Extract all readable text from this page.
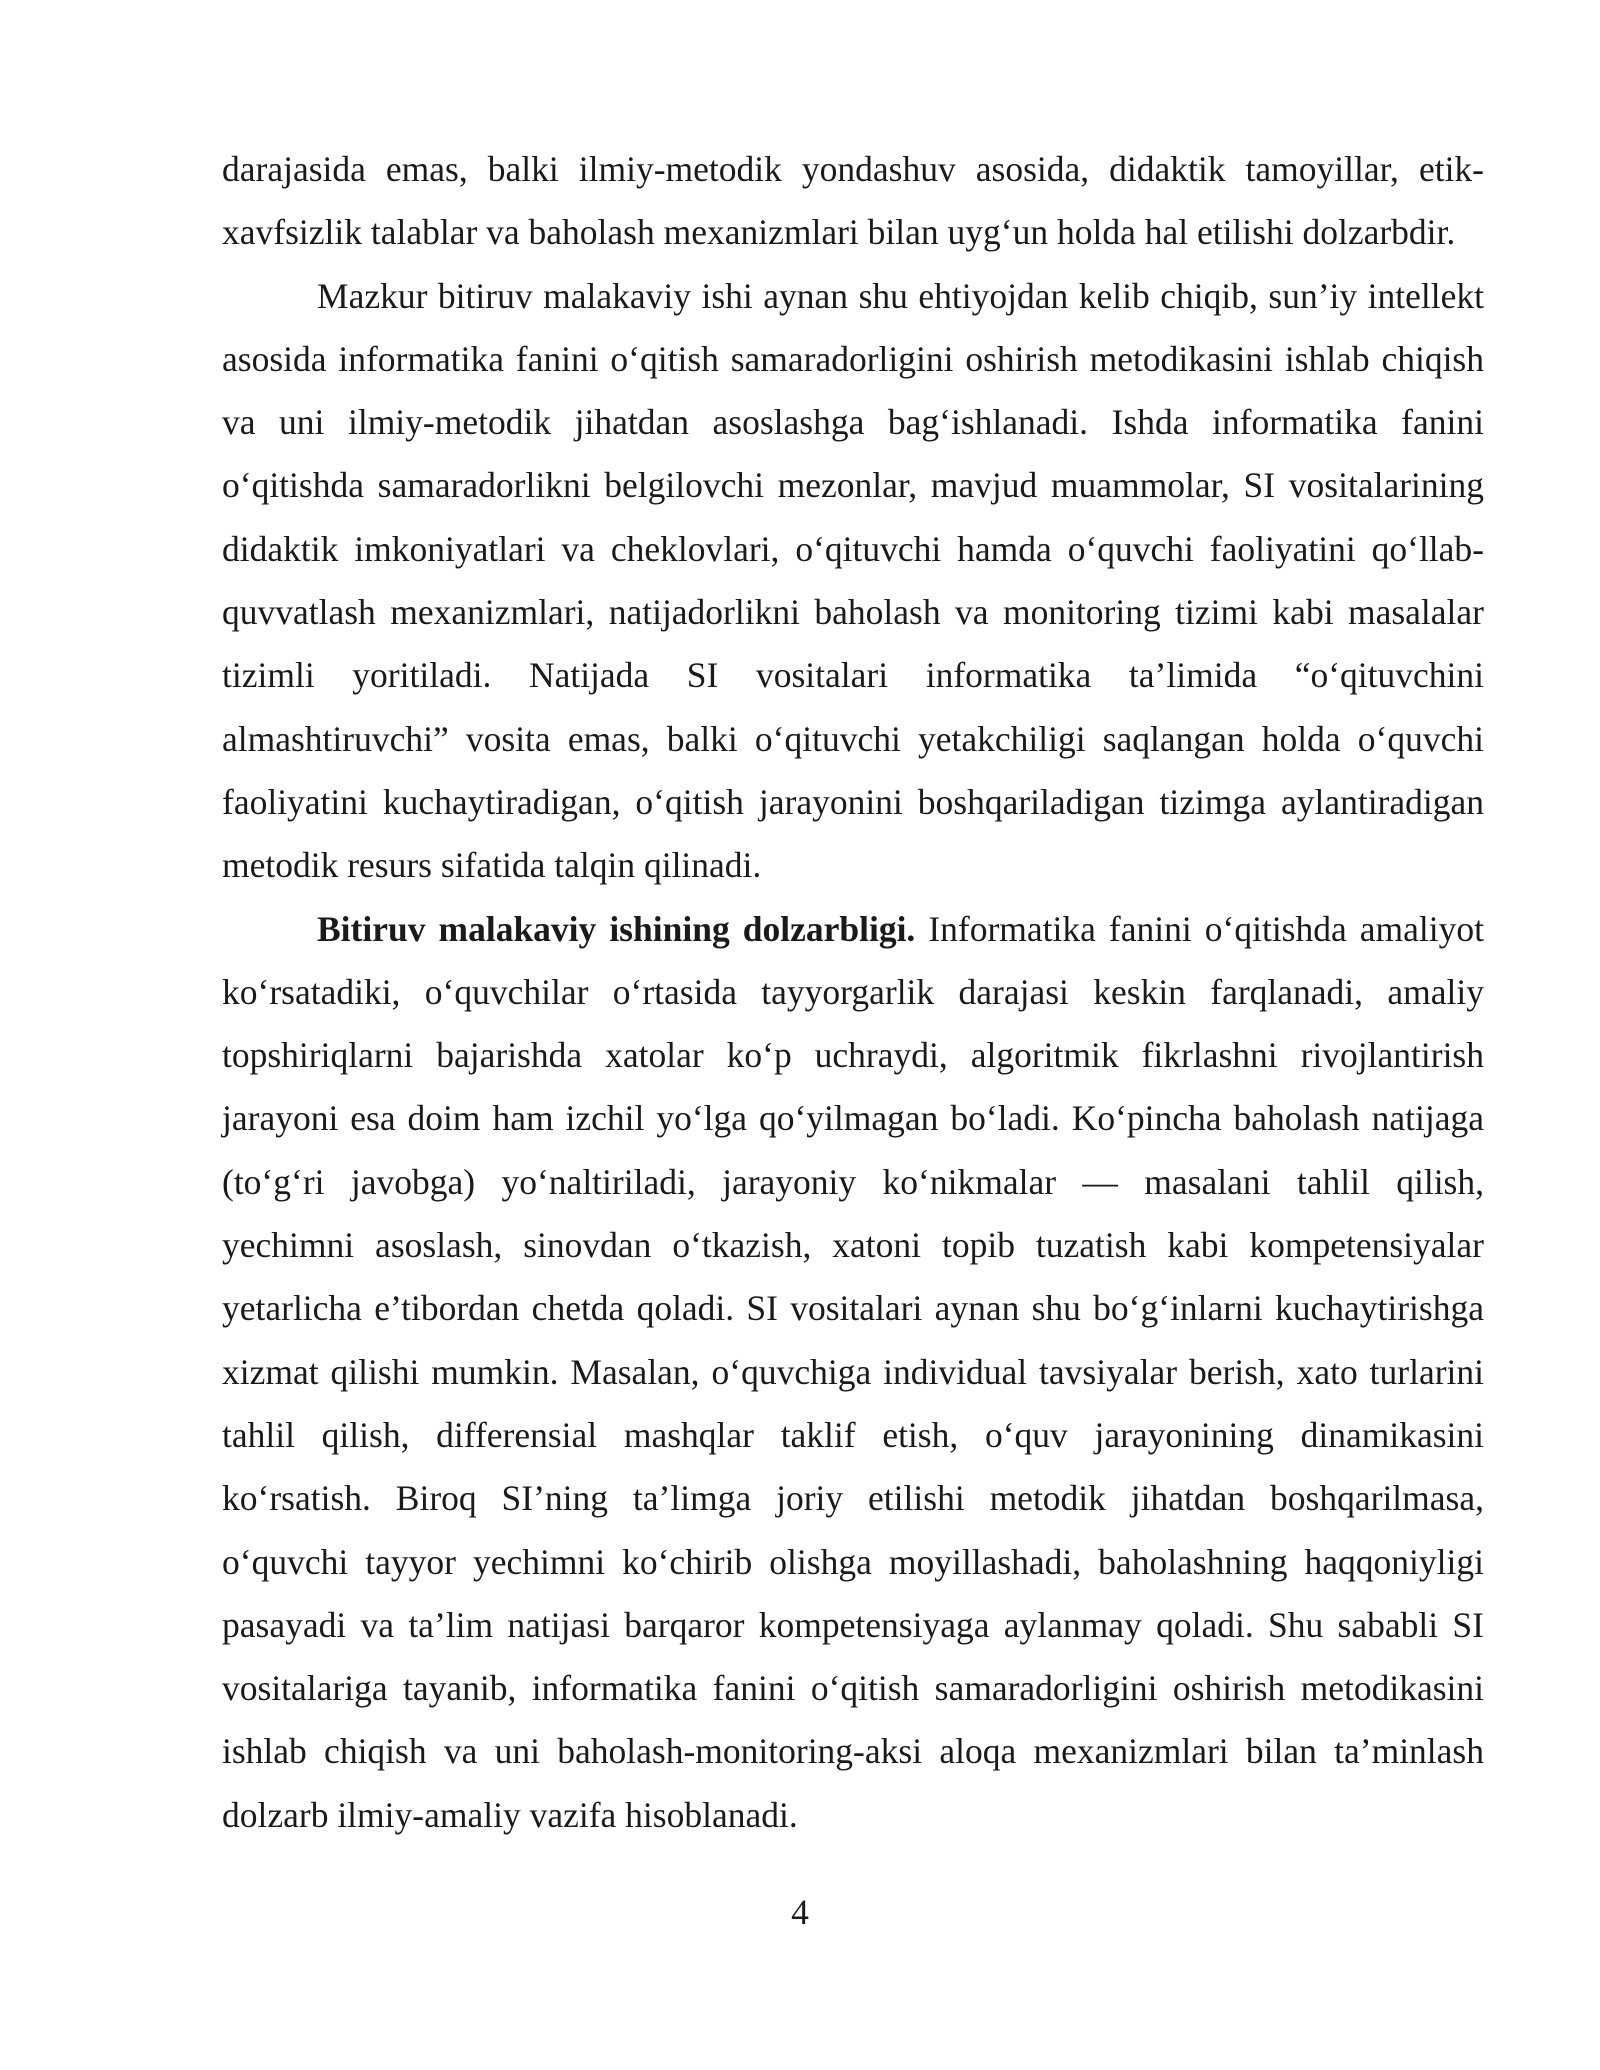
darajasida emas, balki ilmiy-metodik yondashuv asosida, didaktik tamoyillar, etik-xavfsizlik talablar va baholash mexanizmlari bilan uyg‘un holda hal etilishi dolzarbdir.

Mazkur bitiruv malakaviy ishi aynan shu ehtiyojdan kelib chiqib, sun’iy intellekt asosida informatika fanini o‘qitish samaradorligini oshirish metodikasini ishlab chiqish va uni ilmiy-metodik jihatdan asoslashga bag‘ishlanadi. Ishda informatika fanini o‘qitishda samaradorlikni belgilovchi mezonlar, mavjud muammolar, SI vositalarining didaktik imkoniyatlari va cheklovlari, o‘qituvchi hamda o‘quvchi faoliyatini qo‘llab-quvvatlash mexanizmlari, natijadorlikni baholash va monitoring tizimi kabi masalalar tizimli yoritiladi. Natijada SI vositalari informatika ta’limida “o‘qituvchini almashtiruvchi” vosita emas, balki o‘qituvchi yetakchiligi saqlangan holda o‘quvchi faoliyatini kuchaytiradigan, o‘qitish jarayonini boshqariladigan tizimga aylantiradigan metodik resurs sifatida talqin qilinadi.

Bitiruv malakaviy ishining dolzarbligi. Informatika fanini o‘qitishda amaliyot ko‘rsatadiki, o‘quvchilar o‘rtasida tayyorgarlik darajasi keskin farqlanadi, amaliy topshiriqlarni bajarishda xatolar ko‘p uchraydi, algoritmik fikrlashni rivojlantirish jarayoni esa doim ham izchil yo‘lga qo‘yilmagan bo‘ladi. Ko‘pincha baholash natijaga (to‘g‘ri javobga) yo‘naltiriladi, jarayoniy ko‘nikmalar — masalani tahlil qilish, yechimni asoslash, sinovdan o‘tkazish, xatoni topib tuzatish kabi kompetensiyalar yetarlicha e’tibordan chetda qoladi. SI vositalari aynan shu bo‘g‘inlarni kuchaytirishga xizmat qilishi mumkin. Masalan, o‘quvchiga individual tavsiyalar berish, xato turlarini tahlil qilish, differensial mashqlar taklif etish, o‘quv jarayonining dinamikasini ko‘rsatish. Biroq SI’ning ta’limga joriy etilishi metodik jihatdan boshqarilmasa, o‘quvchi tayyor yechimni ko‘chirib olishga moyillashadi, baholashning haqqoniyligi pasayadi va ta’lim natijasi barqaror kompetensiyaga aylanmay qoladi. Shu sababli SI vositalariga tayanib, informatika fanini o‘qitish samaradorligini oshirish metodikasini ishlab chiqish va uni baholash-monitoring-aksi aloqa mexanizmlari bilan ta’minlash dolzarb ilmiy-amaliy vazifa hisoblanadi.

4
